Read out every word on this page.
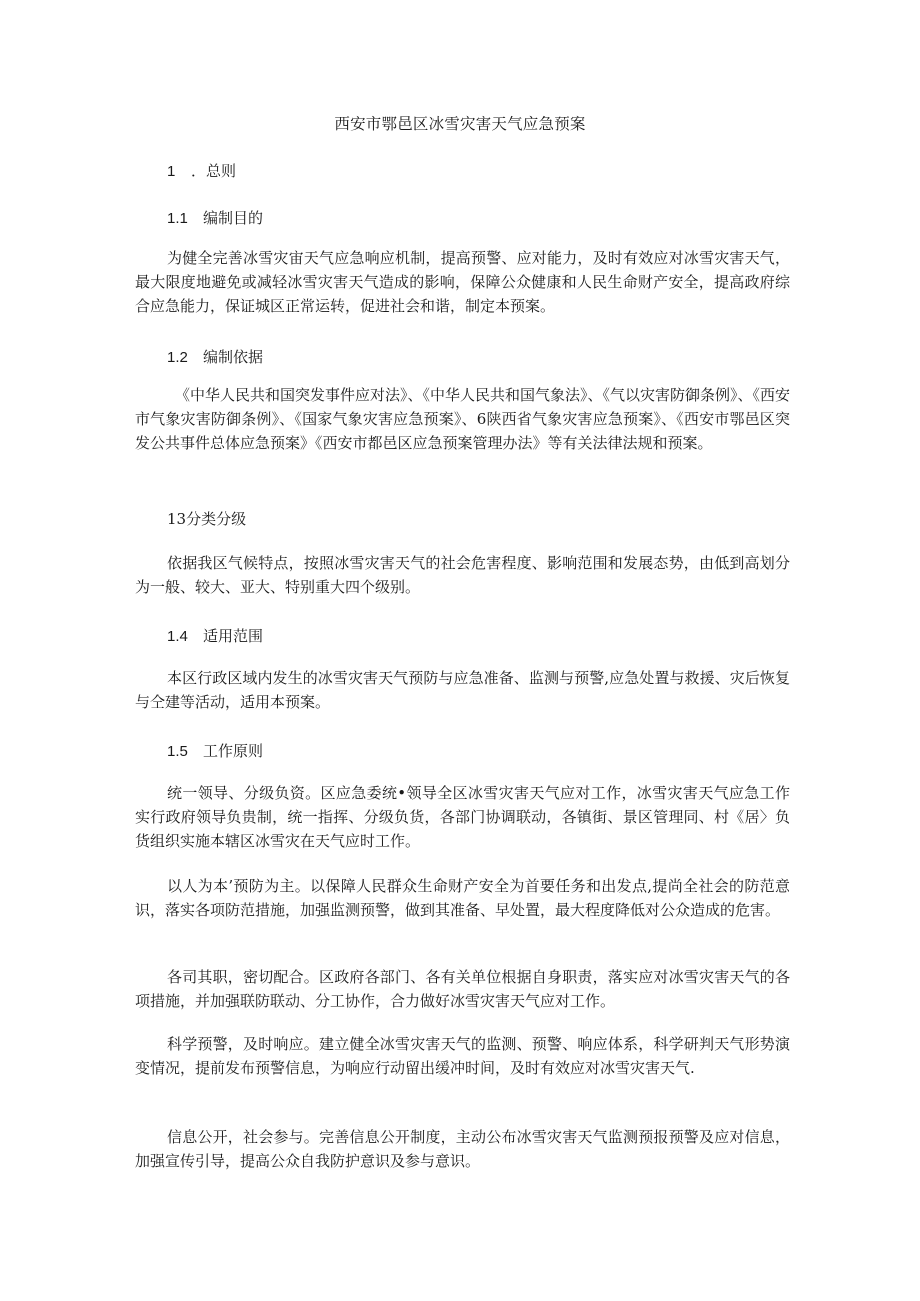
西安市鄂邑区冰雪灾害天气应急预案
1 ．总则
1.1 编制目的
为健全完善冰雪灾宙天气应急响应机制，提高预警、应对能力，及时有效应对冰雪灾害天气，最大限度地避免或减轻冰雪灾害天气造成的影响，保障公众健康和人民生命财产安全，提高政府综合应急能力，保证城区正常运转，促进社会和谐，制定本预案。
1.2 编制依据
《中华人民共和国突发事件应对法》、《中华人民共和国气象法》、《气以灾害防御条例》、《西安市气象灾害防御条例》、《国家气象灾害应急预案》、6陕西省气象灾害应急预案》、《西安市鄂邑区突发公共事件总体应急预案》《西安市都邑区应急预案管理办法》等有关法律法规和预案。
13分类分级
依据我区气候特点，按照冰雪灾害天气的社会危害程度、影响范围和发展态势，由低到高划分为一般、较大、亚大、特别重大四个级别。
1.4 适用范围
本区行政区域内发生的冰雪灾害天气预防与应急准备、监测与预警,应急处置与救援、灾后恢复与仝建等活动，适用本预案。
1.5 工作原则
统一领导、分级负资。区应急委统•领导全区冰雪灾害天气应对工作，冰雪灾害天气应急工作实行政府领导负贵制，统一指挥、分级负货，各部门协调联动，各镇街、景区管理同、村《居〉负货组织实施本辖区冰雪灾在天气应时工作。
以人为本’预防为主。以保障人民群众生命财产安全为首要任务和出发点,提尚全社会的防范意识，落实各项防范措施，加强监测预警，做到其准备、早处置，最大程度降低对公众造成的危害。
各司其职，密切配合。区政府各部门、各有关单位根据自身职责，落实应对冰雪灾害天气的各项措施，并加强联防联动、分工协作，合力做好冰雪灾害天气应对工作。
科学预警，及时响应。建立健全冰雪灾害天气的监测、预警、响应体系，科学研判天气形势演变情况，提前发布预警信息，为响应行动留出缓冲时间，及时有效应对冰雪灾害天气.
信息公开，社会参与。完善信息公开制度，主动公布冰雪灾害天气监测预报预警及应对信息，加强宣传引导，提高公众自我防护意识及参与意识。
